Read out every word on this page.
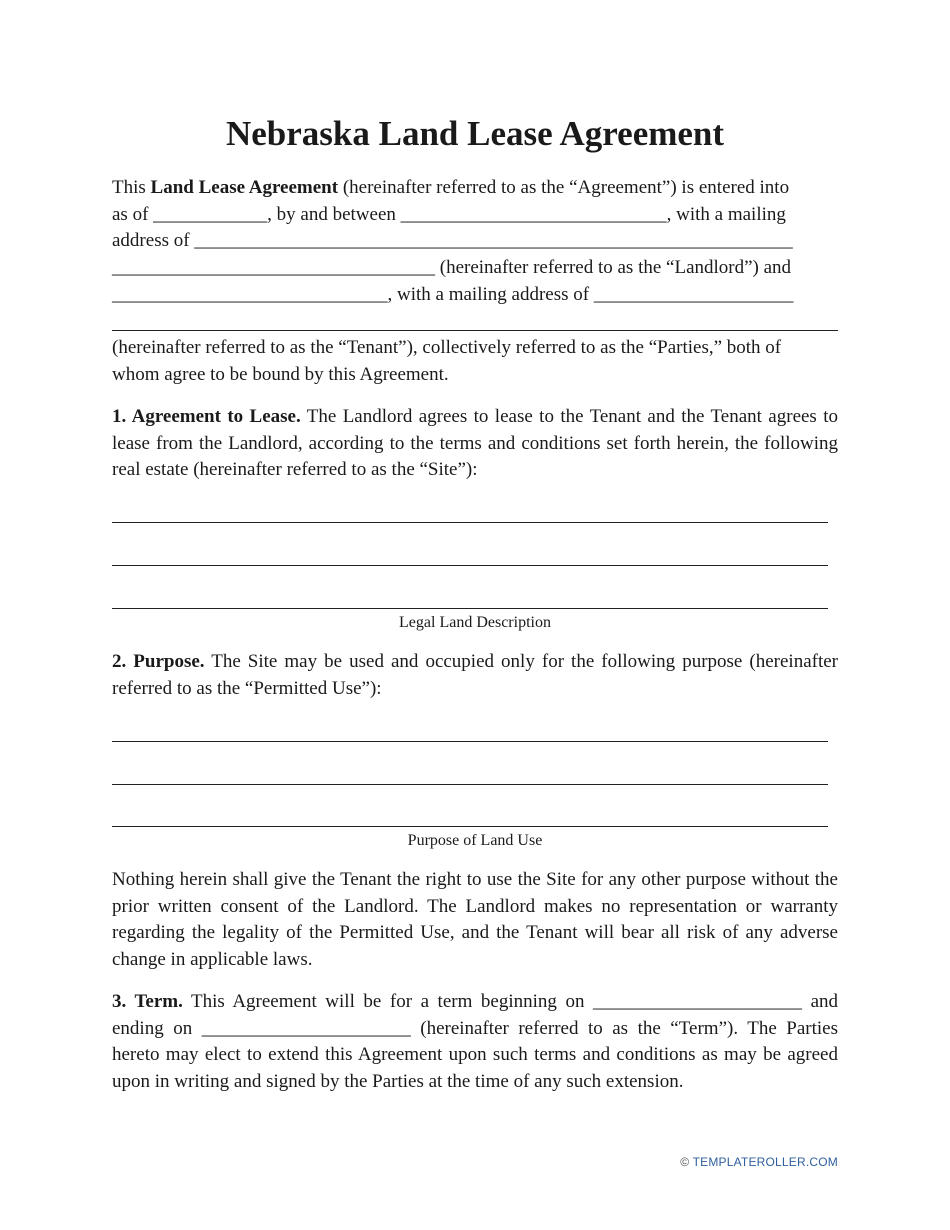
Nebraska Land Lease Agreement
This Land Lease Agreement (hereinafter referred to as the “Agreement”) is entered into
as of ____________, by and between ____________________________, with a mailing
address of _______________________________________________________________
__________________________________ (hereinafter referred to as the “Landlord”) and
_____________________________, with a mailing address of _____________________
(hereinafter referred to as the “Tenant”), collectively referred to as the “Parties,” both of
whom agree to be bound by this Agreement.

1. Agreement to Lease. The Landlord agrees to lease to the Tenant and the Tenant agrees to lease from the Landlord, according to the terms and conditions set forth herein, the following real estate (hereinafter referred to as the “Site”):

Legal Land Description

2. Purpose. The Site may be used and occupied only for the following purpose (hereinafter referred to as the “Permitted Use”):

Purpose of Land Use

Nothing herein shall give the Tenant the right to use the Site for any other purpose without the prior written consent of the Landlord. The Landlord makes no representation or warranty regarding the legality of the Permitted Use, and the Tenant will bear all risk of any adverse change in applicable laws.

3. Term. This Agreement will be for a term beginning on ______________________ and ending on ______________________ (hereinafter referred to as the “Term”). The Parties hereto may elect to extend this Agreement upon such terms and conditions as may be agreed upon in writing and signed by the Parties at the time of any such extension.

© TEMPLATEROLLER.COM
